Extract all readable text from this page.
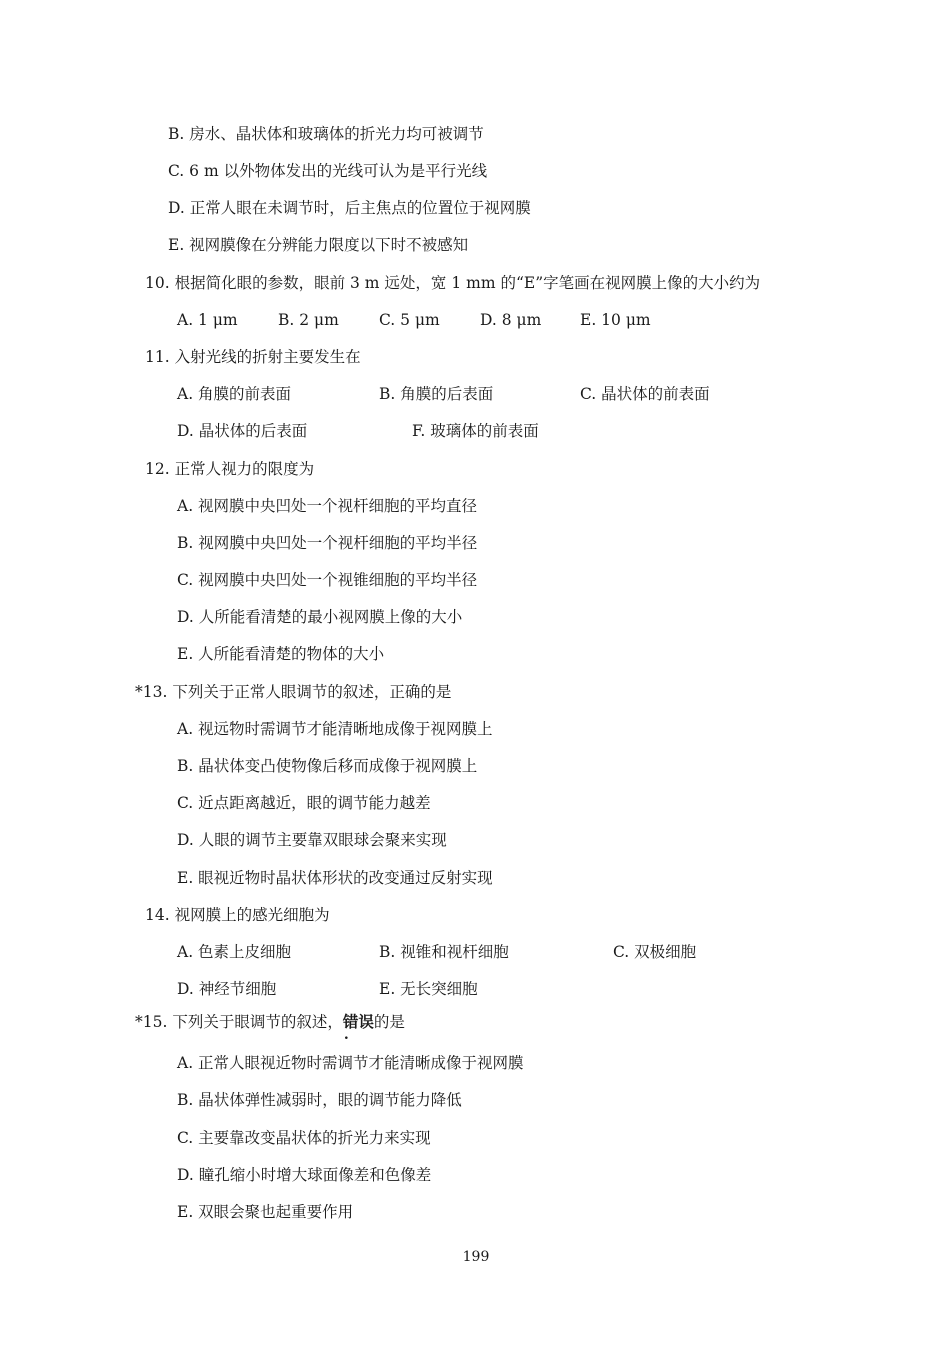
B. 房水、晶状体和玻璃体的折光力均可被调节
C. 6 m 以外物体发出的光线可认为是平行光线
D. 正常人眼在未调节时，后主焦点的位置位于视网膜
E. 视网膜像在分辨能力限度以下时不被感知
10. 根据简化眼的参数，眼前 3 m 远处，宽 1 mm 的“E”字笔画在视网膜上像的大小约为
A. 1 μm	B. 2 μm	C. 5 μm	D. 8 μm E. 10 μm
11. 入射光线的折射主要发生在
A. 角膜的前表面	B. 角膜的后表面	C. 晶状体的前表面
D. 晶状体的后表面	F. 玻璃体的前表面
12. 正常人视力的限度为
A. 视网膜中央凹处一个视杆细胞的平均直径
B. 视网膜中央凹处一个视杆细胞的平均半径
C. 视网膜中央凹处一个视锥细胞的平均半径
D. 人所能看清楚的最小视网膜上像的大小
E. 人所能看清楚的物体的大小
*13. 下列关于正常人眼调节的叙述，正确的是
A. 视远物时需调节才能清晰地成像于视网膜上
B. 晶状体变凸使物像后移而成像于视网膜上
C. 近点距离越近，眼的调节能力越差
D. 人眼的调节主要靠双眼球会聚来实现
E. 眼视近物时晶状体形状的改变通过反射实现
14. 视网膜上的感光细胞为
A. 色素上皮细胞	B. 视锥和视杆细胞	C. 双极细胞
D. 神经节细胞	E. 无长突细胞
*15. 下列关于眼调节的叙述，错误 ․ 的是
A. 正常人眼视近物时需调节才能清晰成像于视网膜
B. 晶状体弹性减弱时，眼的调节能力降低
C. 主要靠改变晶状体的折光力来实现
D. 瞳孔缩小时增大球面像差和色像差
E. 双眼会聚也起重要作用
199
